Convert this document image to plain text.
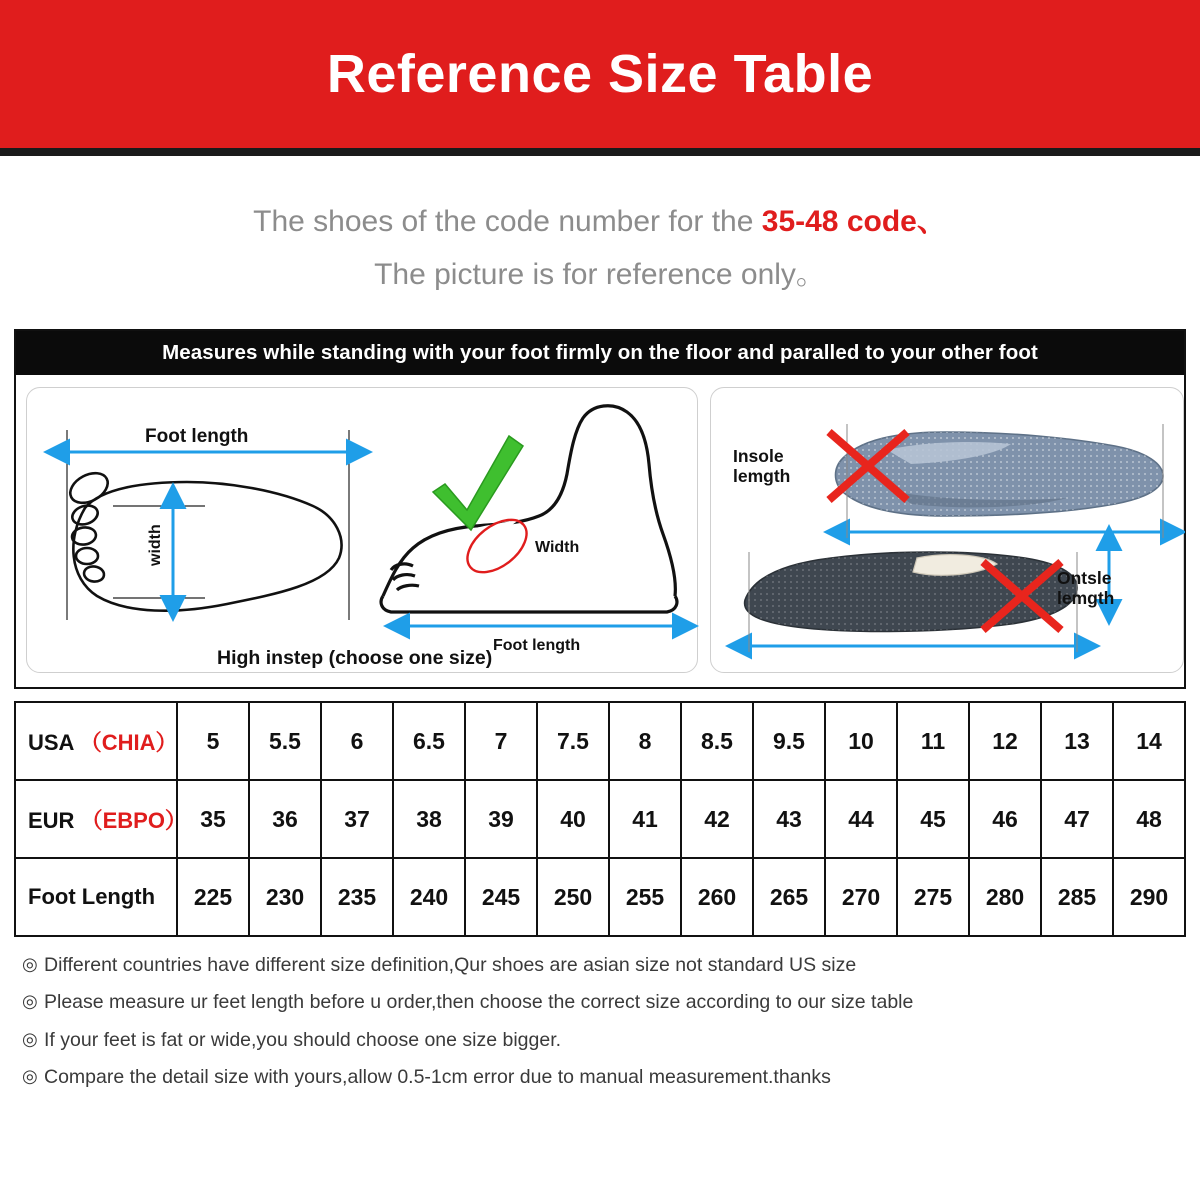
Reference Size Table
The shoes of the code number for the 35-48 code、
The picture is for reference only。
Measures while standing with your foot firmly on the floor and paralled to your other foot
Foot length
width	Width
Foot length
High instep (choose one size)
Insole
lemgth
Ontsle
lemgth
USA （CHIA）	5	5.5	6	6.5	7	7.5	8	8.5	9.5	10	11	12	13	14
EUR （EBPO）	35	36	37	38	39	40	41	42	43	44	45	46	47	48
Foot Length	225	230	235	240	245	250	255	260	265	270	275	280	285	290
◎ Different countries have different size definition,Qur shoes are asian size not standard US size
◎ Please measure ur feet length before u order,then choose the correct size according to our size table
◎ If your feet is fat or wide,you should choose one size bigger.
◎ Compare the detail size with yours,allow 0.5-1cm error due to manual measurement.thanks
